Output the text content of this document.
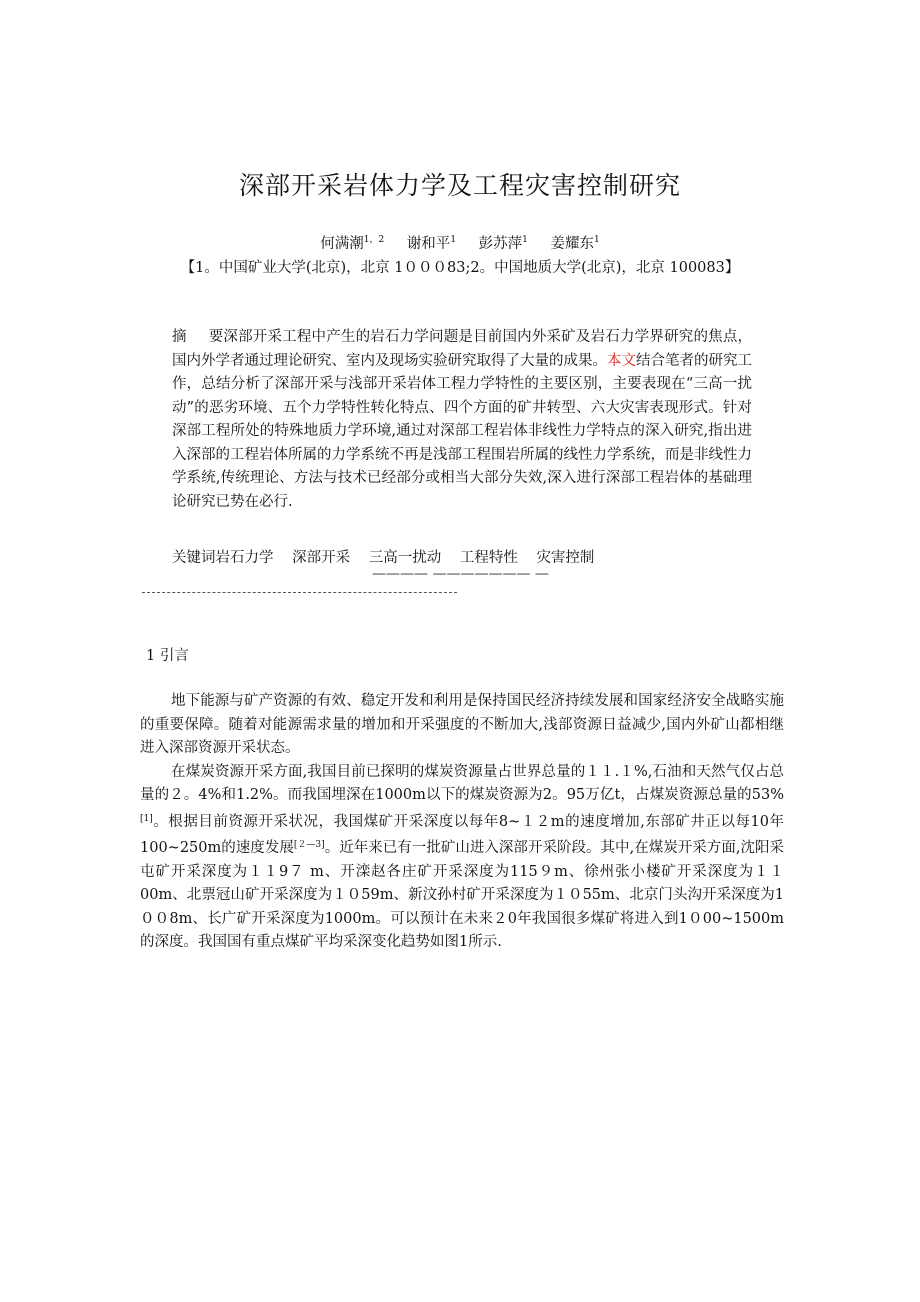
深部开采岩体力学及工程灾害控制研究
何满潮$^{1,2}$ 谢和平$^1$ 彭苏萍$^1$ 姜耀东$^1$
【1。中国矿业大学(北京)，北京 1０００83;2。中国地质大学(北京)，北京 100083】
摘 要深部开采工程中产生的岩石力学问题是目前国内外采矿及岩石力学界研究的焦点，国内外学者通过理论研究、室内及现场实验研究取得了大量的成果。本文结合笔者的研究工作，总结分析了深部开采与浅部开采岩体工程力学特性的主要区别，主要表现在“三高一扰动”的恶劣环境、五个力学特性转化特点、四个方面的矿井转型、六大灾害表现形式。针对深部工程所处的特殊地质力学环境,通过对深部工程岩体非线性力学特点的深入研究,指出进入深部的工程岩体所属的力学系统不再是浅部工程围岩所属的线性力学系统，而是非线性力学系统,传统理论、方法与技术已经部分或相当大部分失效,深入进行深部工程岩体的基础理论研究已势在必行.
关键词岩石力学 深部开采 三高一扰动 工程特性 灾害控制
———— ——————— —
1 引言

地下能源与矿产资源的有效、稳定开发和利用是保持国民经济持续发展和国家经济安全战略实施的重要保障。随着对能源需求量的增加和开采强度的不断加大,浅部资源日益减少,国内外矿山都相继进入深部资源开采状态。

在煤炭资源开采方面,我国目前已探明的煤炭资源量占世界总量的１１.１%,石油和天然气仅占总量的２。4%和1.2%。而我国埋深在1000m以下的煤炭资源为2。95万亿t，占煤炭资源总量的53%[1]。根据目前资源开采状况，我国煤矿开采深度以每年8~１２m的速度增加,东部矿井正以每10年100~250m的速度发展[２—3]。近年来已有一批矿山进入深部开采阶段。其中,在煤炭开采方面,沈阳采屯矿开采深度为１１9７ m、开滦赵各庄矿开采深度为115９m、徐州张小楼矿开采深度为１１00m、北票冠山矿开采深度为１０59m、新汶孙村矿开采深度为１０55m、北京门头沟开采深度为1００8m、长广矿开采深度为1000m。可以预计在未来２0年我国很多煤矿将进入到1０00~1500m的深度。我国国有重点煤矿平均采深变化趋势如图1所示.
